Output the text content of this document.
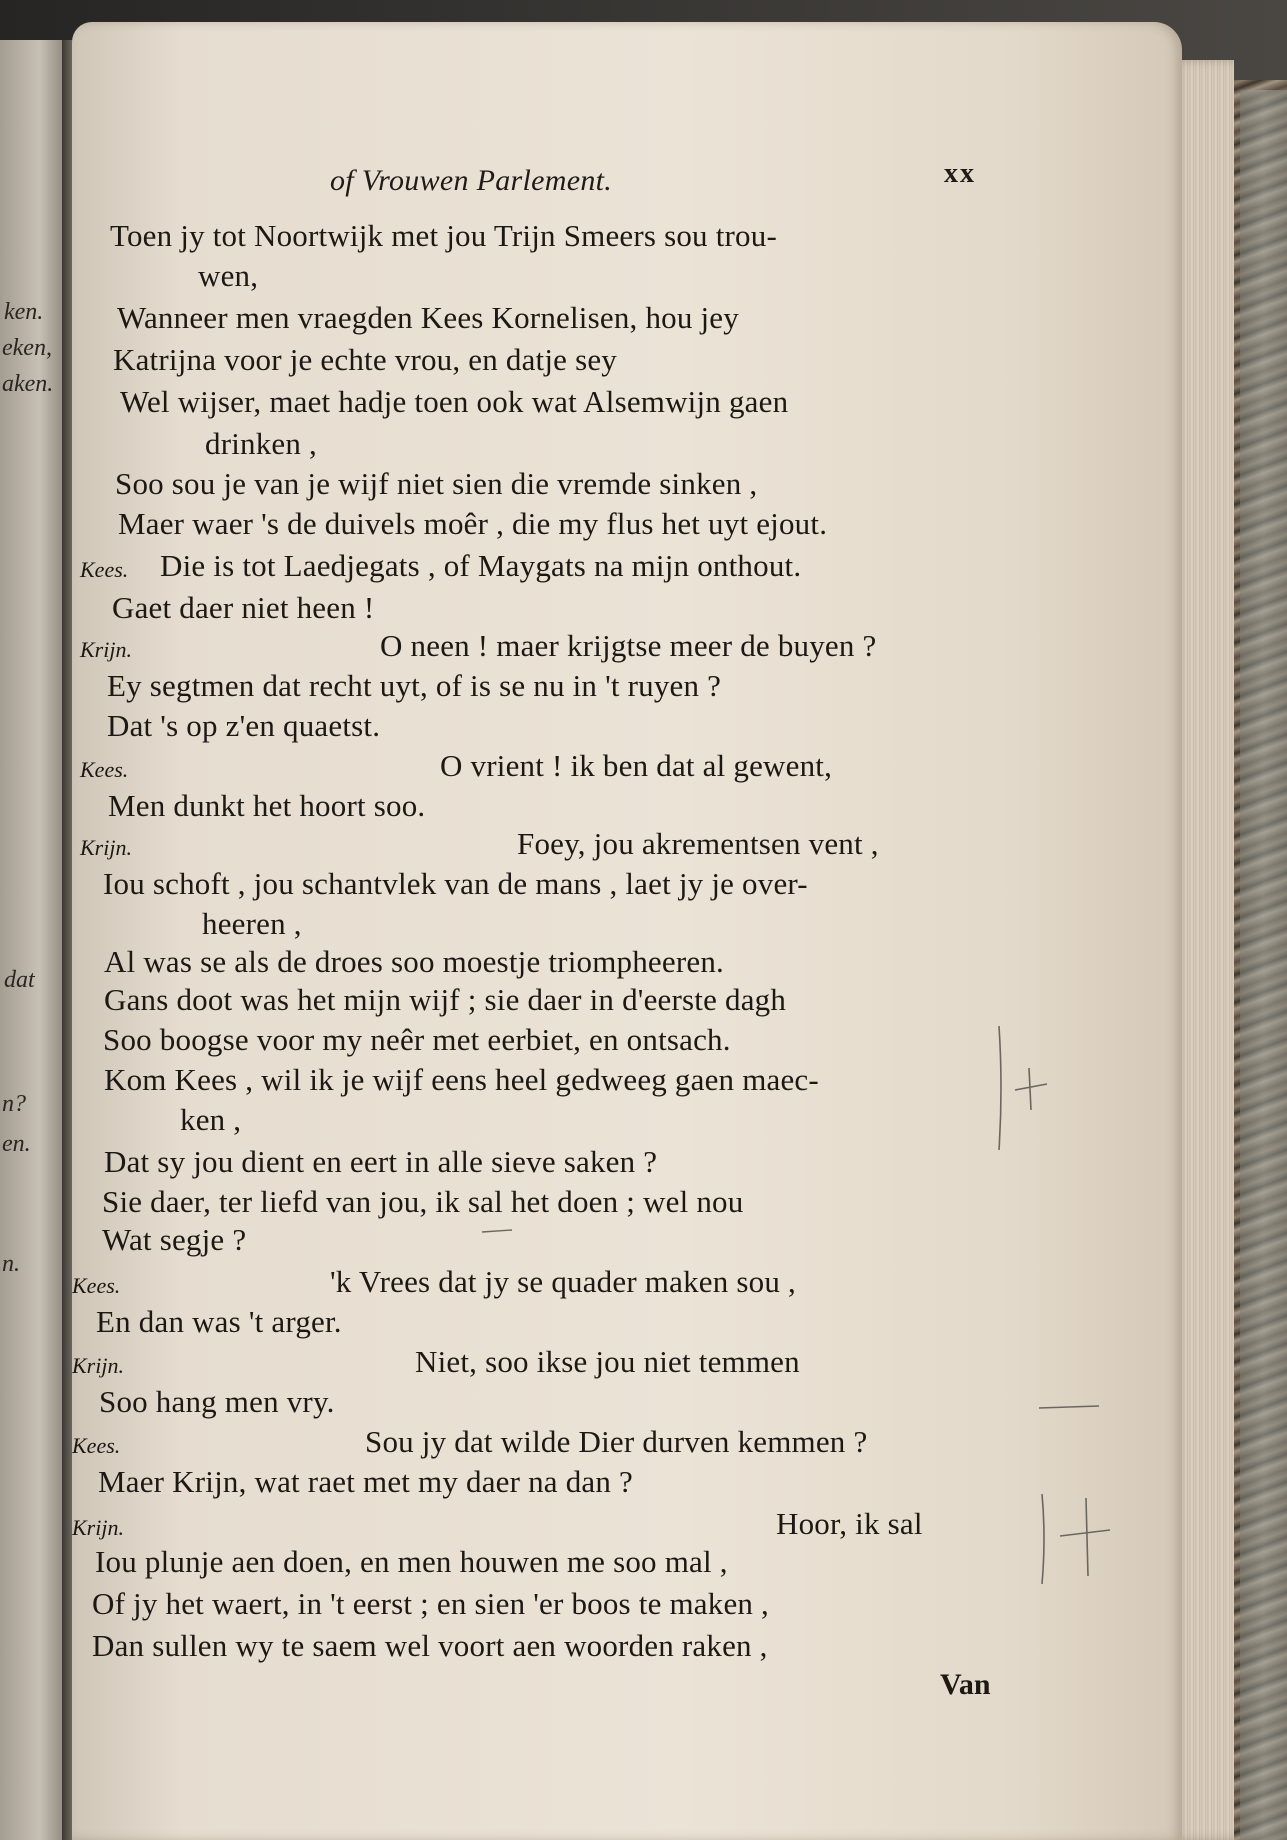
ken.
eken,
aken.
dat
n?
en.
n.
of Vrouwen Parlement.	xx
Toen jy tot Noortwijk met jou Trijn Smeers sou trou-
wen,
Wanneer men vraegden Kees Kornelisen, hou jey
Katrijna voor je echte vrou, en datje sey
Wel wijser, maet hadje toen ook wat Alsemwijn gaen
drinken ,
Soo sou je van je wijf niet sien die vremde sinken ,
Maer waer 's de duivels moêr , die my flus het uyt ejout.
Kees. Die is tot Laedjegats , of Maygats na mijn onthout.
Gaet daer niet heen !
Krijn.	O neen ! maer krijgtse meer de buyen ?
Ey segtmen dat recht uyt, of is se nu in 't ruyen ?
Dat 's op z'en quaetst.
Kees.	O vrient ! ik ben dat al gewent,
Men dunkt het hoort soo.
Krijn.	Foey, jou akrementsen vent ,
Iou schoft , jou schantvlek van de mans , laet jy je over-
heeren ,
Al was se als de droes soo moestje triompheeren.
Gans doot was het mijn wijf ; sie daer in d'eerste dagh
Soo boogse voor my neêr met eerbiet, en ontsach.
Kom Kees , wil ik je wijf eens heel gedweeg gaen maec-
ken ,
Dat sy jou dient en eert in alle sieve saken ?
Sie daer, ter liefd van jou, ik sal het doen ; wel nou
Wat segje ?
Kees.	'k Vrees dat jy se quader maken sou ,
En dan was 't arger.
Krijn.	Niet, soo ikse jou niet temmen
Soo hang men vry.
Kees.	Sou jy dat wilde Dier durven kemmen ?
Maer Krijn, wat raet met my daer na dan ?
Krijn.	Hoor, ik sal
Iou plunje aen doen, en men houwen me soo mal ,
Of jy het waert, in 't eerst ; en sien 'er boos te maken ,
Dan sullen wy te saem wel voort aen woorden raken ,
Van
